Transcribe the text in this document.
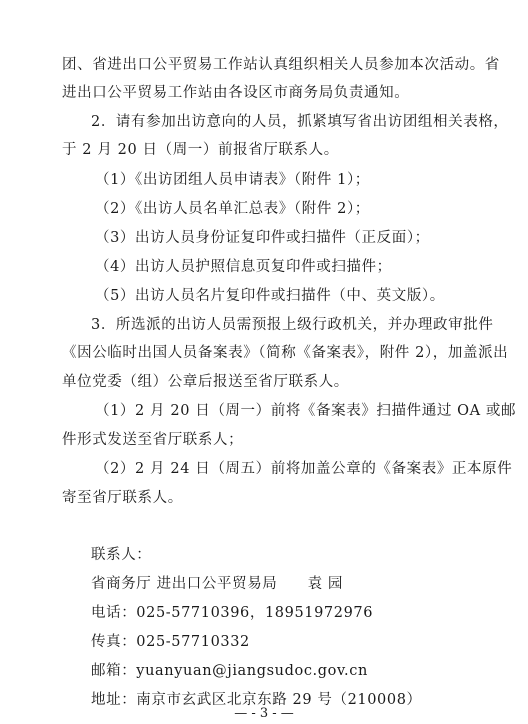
团、省进出口公平贸易工作站认真组织相关人员参加本次活动。省
进出口公平贸易工作站由各设区市商务局负责通知。
2．请有参加出访意向的人员，抓紧填写省出访团组相关表格，
于 2 月 20 日（周一）前报省厅联系人。
（1）《出访团组人员申请表》（附件 1）；
（2）《出访人员名单汇总表》（附件 2）；
（3）出访人员身份证复印件或扫描件（正反面）；
（4）出访人员护照信息页复印件或扫描件；
（5）出访人员名片复印件或扫描件（中、英文版）。
3．所选派的出访人员需预报上级行政机关，并办理政审批件
《因公临时出国人员备案表》（简称《备案表》，附件 2），加盖派出
单位党委（组）公章后报送至省厅联系人。
（1）2 月 20 日（周一）前将《备案表》扫描件通过 OA 或邮
件形式发送至省厅联系人；
（2）2 月 24 日（周五）前将加盖公章的《备案表》正本原件
寄至省厅联系人。
联系人：
省商务厅 进出口公平贸易局　　袁 园
电话：025-57710396，18951972976
传真：025-57710332
邮箱：yuanyuan@jiangsudoc.gov.cn
地址：南京市玄武区北京东路 29 号（210008）
— - 3 - —
